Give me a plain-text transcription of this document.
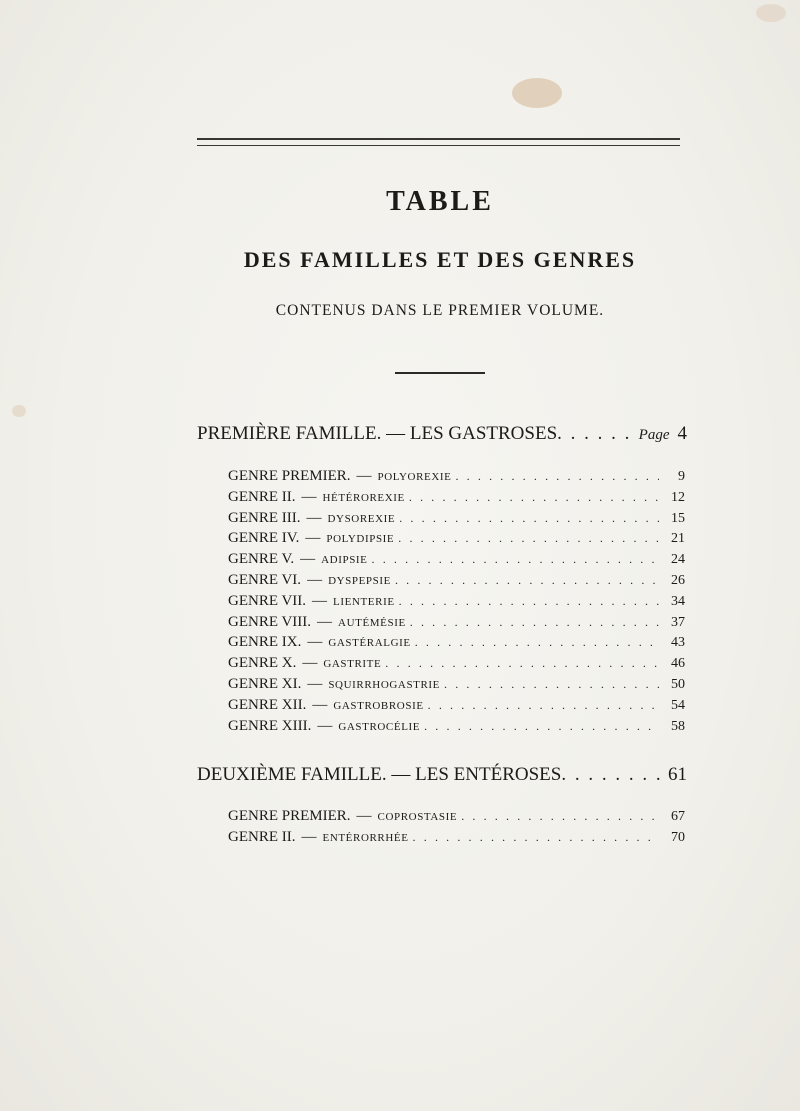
TABLE
DES FAMILLES ET DES GENRES
CONTENUS DANS LE PREMIER VOLUME.
PREMIÈRE FAMILLE. — LES GASTROSES . . .	Page 4
GENRE PREMIER. — POLYOREXIE . . .	9
GENRE II. — HÉTÉROREXIE . . .	12
GENRE III. — DYSOREXIE . . .	15
GENRE IV. — POLYDIPSIE . . .	21
GENRE V. — ADIPSIE . . .	24
GENRE VI. — DYSPEPSIE . . .	26
GENRE VII. — LIENTERIE . . .	34
GENRE VIII. — AUTÉMÉSIE . . .	37
GENRE IX. — GASTÉRALGIE . . .	43
GENRE X. — GASTRITE . . .	46
GENRE XI. — SQUIRRHOGASTRIE . . .	50
GENRE XII. — GASTROBROSIE . . .	54
GENRE XIII. — GASTROCÉLIE . . .	58
DEUXIÈME FAMILLE. — LES ENTÉROSES . . .	61
GENRE PREMIER. — COPROSTASIE . . .	67
GENRE II. — ENTÉRORRHÉE . . .	70
